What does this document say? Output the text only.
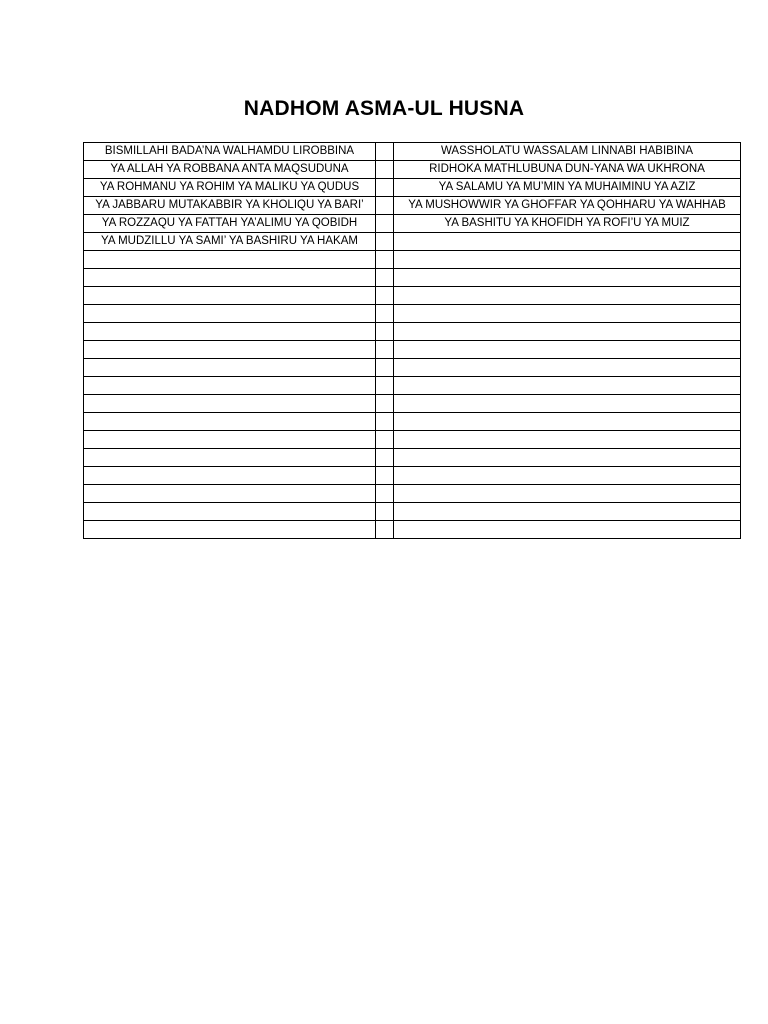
NADHOM ASMA-UL HUSNA
BISMILLAHI BADA’NA WALHAMDU LIROBBINA		WASSHOLATU WASSALAM LINNABI HABIBINA
YA ALLAH YA ROBBANA ANTA MAQSUDUNA		RIDHOKA MATHLUBUNA DUN-YANA WA UKHRONA
YA ROHMANU YA ROHIM YA MALIKU YA QUDUS		YA SALAMU YA MU’MIN YA MUHAIMINU YA AZIZ
YA JABBARU MUTAKABBIR YA KHOLIQU YA BARI’		YA MUSHOWWIR YA GHOFFAR YA QOHHARU YA WAHHAB
YA ROZZAQU YA FATTAH YA’ALIMU YA QOBIDH		YA BASHITU YA KHOFIDH YA ROFI’U YA MUIZ
YA MUDZILLU YA SAMI’ YA BASHIRU YA HAKAM		
